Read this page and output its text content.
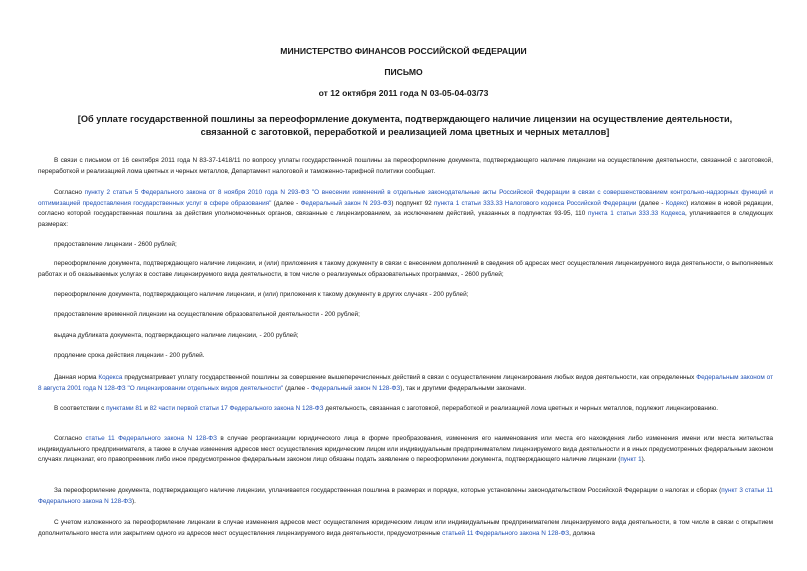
МИНИСТЕРСТВО ФИНАНСОВ РОССИЙСКОЙ ФЕДЕРАЦИИ
ПИСЬМО
от 12 октября 2011 года N 03-05-04-03/73
[Об уплате государственной пошлины за переоформление документа, подтверждающего наличие лицензии на осуществление деятельности, связанной с заготовкой, переработкой и реализацией лома цветных и черных металлов]

В связи с письмом от 16 сентября 2011 года N 83-37-1418/11 по вопросу уплаты государственной пошлины за переоформление документа, подтверждающего наличие лицензии на осуществление деятельности, связанной с заготовкой, переработкой и реализацией лома цветных и черных металлов, Департамент налоговой и таможенно-тарифной политики сообщает.

Согласно пункту 2 статьи 5 Федерального закона от 8 ноября 2010 года N 293-ФЗ "О внесении изменений в отдельные законодательные акты Российской Федерации в связи с совершенствованием контрольно-надзорных функций и оптимизацией предоставления государственных услуг в сфере образования" (далее - Федеральный закон N 293-ФЗ) подпункт 92 пункта 1 статьи 333.33 Налогового кодекса Российской Федерации (далее - Кодекс) изложен в новой редакции, согласно которой государственная пошлина за действия уполномоченных органов, связанные с лицензированием, за исключением действий, указанных в подпунктах 93-95, 110 пункта 1 статьи 333.33 Кодекса, уплачивается в следующих размерах:

предоставление лицензии - 2600 рублей;

переоформление документа, подтверждающего наличие лицензии, и (или) приложения к такому документу в связи с внесением дополнений в сведения об адресах мест осуществления лицензируемого вида деятельности, о выполняемых работах и об оказываемых услугах в составе лицензируемого вида деятельности, в том числе о реализуемых образовательных программах, - 2600 рублей;

переоформление документа, подтверждающего наличие лицензии, и (или) приложения к такому документу в других случаях - 200 рублей;

предоставление временной лицензии на осуществление образовательной деятельности - 200 рублей;

выдача дубликата документа, подтверждающего наличие лицензии, - 200 рублей;

продление срока действия лицензии - 200 рублей.

Данная норма Кодекса предусматривает уплату государственной пошлины за совершение вышеперечисленных действий в связи с осуществлением лицензирования любых видов деятельности, как определенных Федеральным законом от 8 августа 2001 года N 128-ФЗ "О лицензировании отдельных видов деятельности" (далее - Федеральный закон N 128-ФЗ), так и другими федеральными законами.

В соответствии с пунктами 81 и 82 части первой статьи 17 Федерального закона N 128-ФЗ деятельность, связанная с заготовкой, переработкой и реализацией лома цветных и черных металлов, подлежит лицензированию.

Согласно статье 11 Федерального закона N 128-ФЗ в случае реорганизации юридического лица в форме преобразования, изменения его наименования или места его нахождения либо изменения имени или места жительства индивидуального предпринимателя, а также в случае изменения адресов мест осуществления юридическим лицом или индивидуальным предпринимателем лицензируемого вида деятельности и в иных предусмотренных федеральным законом случаях лицензиат, его правопреемник либо иное предусмотренное федеральным законом лицо обязаны подать заявление о переоформлении документа, подтверждающего наличие лицензии (пункт 1).

За переоформление документа, подтверждающего наличие лицензии, уплачивается государственная пошлина в размерах и порядке, которые установлены законодательством Российской Федерации о налогах и сборах (пункт 3 статьи 11 Федерального закона N 128-ФЗ).

С учетом изложенного за переоформление лицензии в случае изменения адресов мест осуществления юридическим лицом или индивидуальным предпринимателем лицензируемого вида деятельности, в том числе в связи с открытием дополнительного места или закрытием одного из адресов мест осуществления лицензируемого вида деятельности, предусмотренные статьей 11 Федерального закона N 128-ФЗ, должна
